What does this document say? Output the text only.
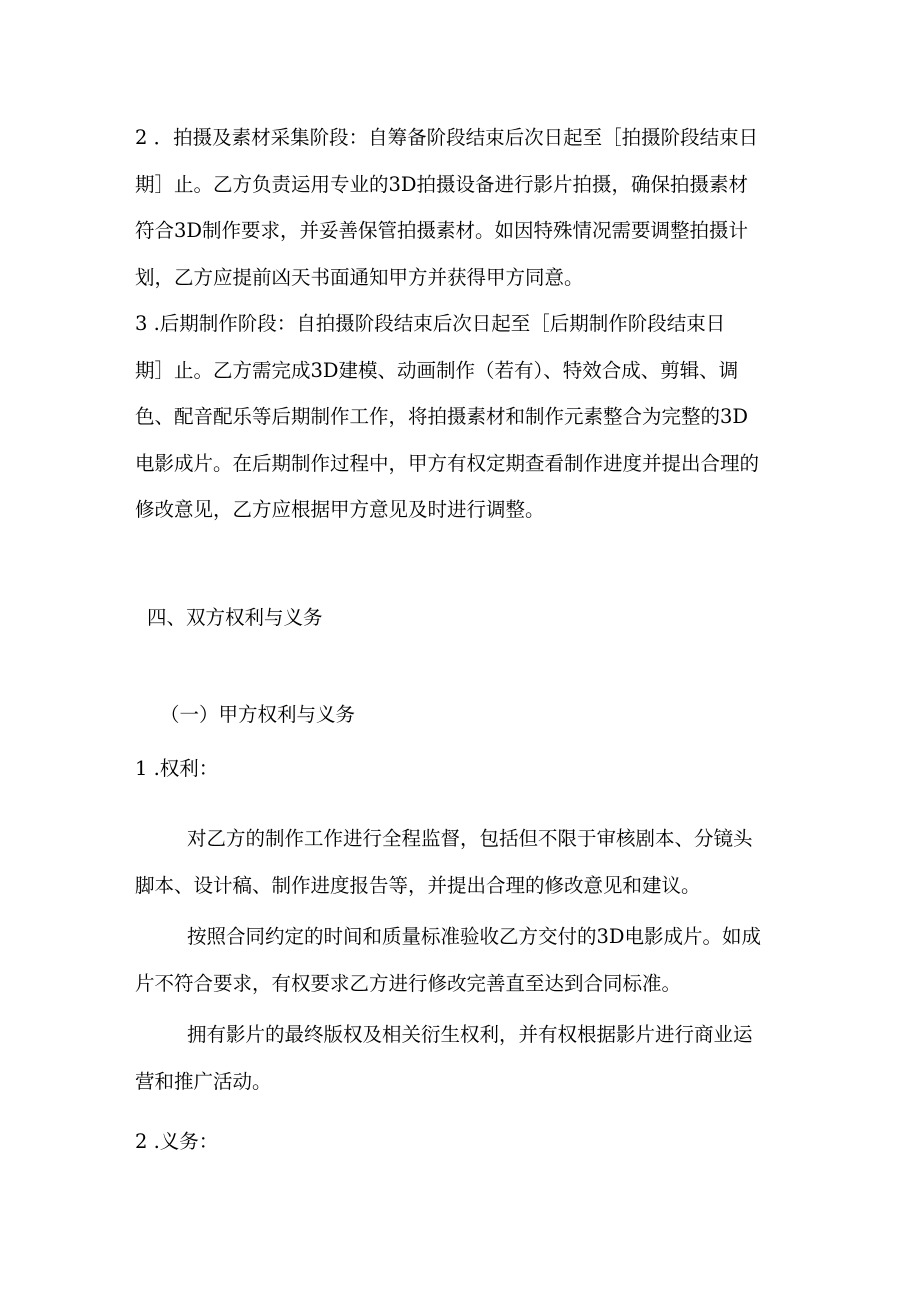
2 ．拍摄及素材采集阶段：自筹备阶段结束后次日起至［拍摄阶段结束日
期］止。乙方负责运用专业的3D拍摄设备进行影片拍摄，确保拍摄素材
符合3D制作要求，并妥善保管拍摄素材。如因特殊情况需要调整拍摄计
划，乙方应提前凶天书面通知甲方并获得甲方同意。
3 .后期制作阶段：自拍摄阶段结束后次日起至［后期制作阶段结束日
期］止。乙方需完成3D建模、动画制作（若有）、特效合成、剪辑、调
色、配音配乐等后期制作工作，将拍摄素材和制作元素整合为完整的3D
电影成片。在后期制作过程中，甲方有权定期查看制作进度并提出合理的
修改意见，乙方应根据甲方意见及时进行调整。
四、双方权利与义务
（一）甲方权利与义务
1 .权利：
对乙方的制作工作进行全程监督，包括但不限于审核剧本、分镜头
脚本、设计稿、制作进度报告等，并提出合理的修改意见和建议。
按照合同约定的时间和质量标准验收乙方交付的3D电影成片。如成
片不符合要求，有权要求乙方进行修改完善直至达到合同标准。
拥有影片的最终版权及相关衍生权利，并有权根据影片进行商业运
营和推广活动。
2 .义务：
